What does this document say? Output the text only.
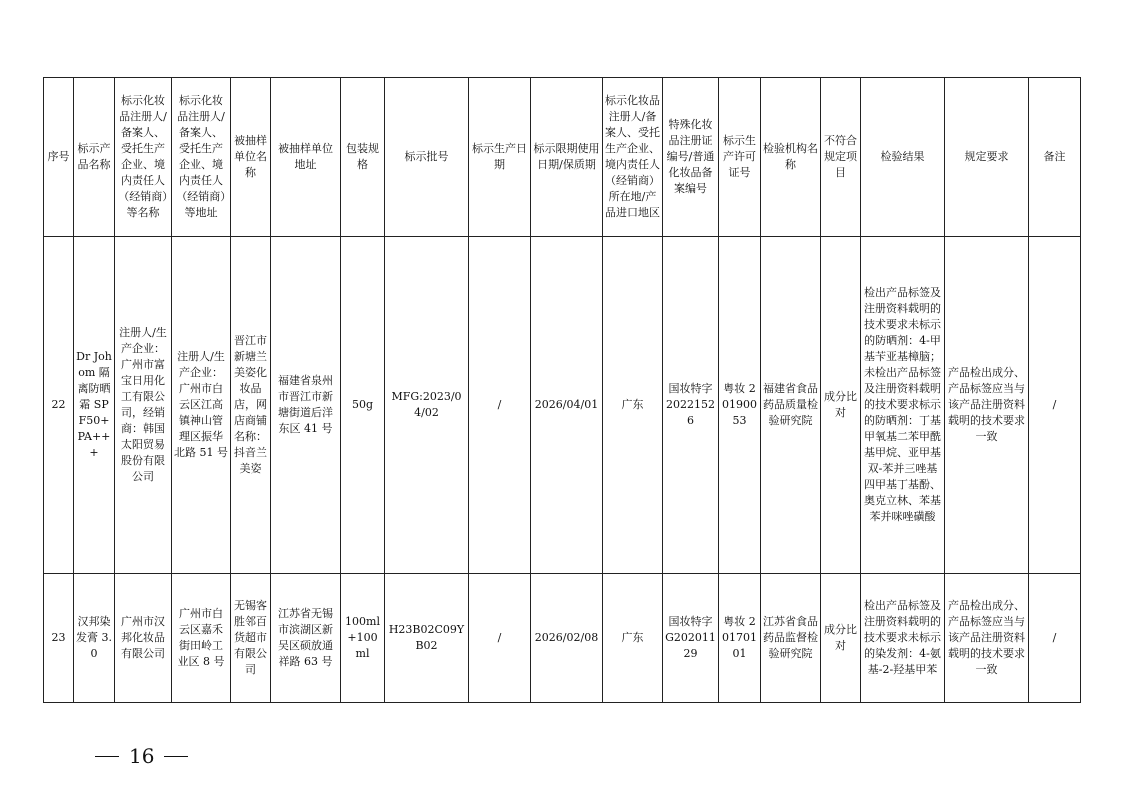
序号	标示产品名称	标示化妆品注册人/备案人、受托生产企业、境内责任人（经销商）等名称	标示化妆品注册人/备案人、受托生产企业、境内责任人（经销商）等地址	被抽样单位名称	被抽样单位地址	包装规格	标示批号	标示生产日期	标示限期使用日期/保质期	标示化妆品注册人/备案人、受托生产企业、境内责任人（经销商）所在地/产品进口地区	特殊化妆品注册证编号/普通化妆品备案编号	标示生产许可证号	检验机构名称	不符合规定项目	检验结果	规定要求	备注
22	Dr Johom 隔离防晒霜 SPF50+ PA+++	注册人/生产企业：广州市富宝日用化工有限公司，经销商：韩国太阳贸易股份有限公司	注册人/生产企业：广州市白云区江高镇神山管理区振华北路 51 号	晋江市新塘兰美姿化妆品店，网店商铺名称：抖音兰美姿	福建省泉州市晋江市新塘街道后洋东区 41 号	50g	MFG:2023/04/02	/	2026/04/01	广东	国妆特字 20221526	粤妆 20190053	福建省食品药品质量检验研究院	成分比对	检出产品标签及注册资料载明的技术要求未标示的防晒剂：4-甲基苄亚基樟脑；未检出产品标签及注册资料载明的技术要求标示的防晒剂：丁基甲氧基二苯甲酰基甲烷、亚甲基双-苯并三唑基四甲基丁基酚、奥克立林、苯基苯并咪唑磺酸	产品检出成分、产品标签应当与该产品注册资料载明的技术要求一致	/
23	汉邦染发膏 3.0	广州市汉邦化妆品有限公司	广州市白云区嘉禾街田岭工业区 8 号	无锡客胜邻百货超市有限公司	江苏省无锡市滨湖区新吴区硕放通祥路 63 号	100ml+100ml	H23B02C09YB02	/	2026/02/08	广东	国妆特字 G20201129	粤妆 20170101	江苏省食品药品监督检验研究院	成分比对	检出产品标签及注册资料载明的技术要求未标示的染发剂：4-氨基-2-羟基甲苯	产品检出成分、产品标签应当与该产品注册资料载明的技术要求一致	/
16
